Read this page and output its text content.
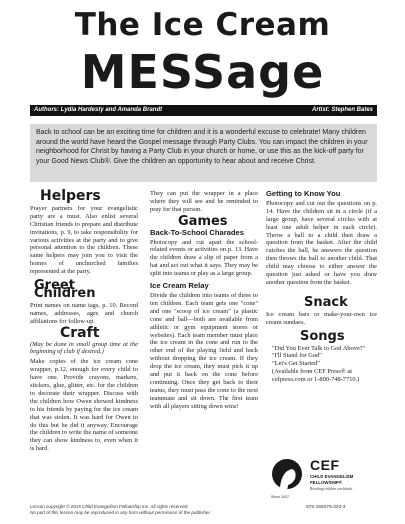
The Ice Cream
MESSage
Authors: Lydia Hardesty and Amanda Brandt	Artist: Stephen Bates

Back to school can be an exciting time for children and it is a wonderful excuse to celebrate! Many children around the world have heard the Gospel message through Party Clubs. You can impact the children in your neighborhood for Christ by having a Party Club in your church or home, or use this as the kick-off party for your Good News Club®. Give the children an opportunity to hear about and receive Christ.

Helpers

Prayer partners for your evangelistic party are a must. Also enlist several Christian friends to prepare and distribute invitations, p. 9, to take responsibility for various activities at the party and to give personal attention to the children. These same helpers may join you to visit the homes of unchurched families represented at the party.

Greet Children

Print names on name tags, p. 10. Record names, addresses, ages and church affiliations for follow-up.

Craft

(May be done in small group time at the beginning of club if desired.)

Make copies of the ice cream cone wrapper, p.12, enough for every child to have one. Provide crayons, markers, stickers, glue, glitter, etc. for the children to decorate their wrapper. Discuss with the children how Owen showed kindness to his friends by paying for the ice cream that was stolen. It was hard for Owen to do this but he did it anyway. Encourage the children to write the name of someone they can show kindness to, even when it is hard.

They can put the wrapper in a place where they will see and be reminded to pray for that person.

Games
Back-To-School Charades

Photocopy and cut apart the school-related events or activities on p. 13. Have the children draw a slip of paper from a hat and act out what it says. They may be split into teams or play as a large group.

Ice Cream Relay

Divide the children into teams of three to ten children. Each team gets one "cone" and one "scoop of ice cream" (a plastic cone and ball—both are available from athletic or gym equipment stores or websites). Each team member must place the ice cream in the cone and run to the other end of the playing field and back without dropping the ice cream. If they drop the ice cream, they must pick it up and put it back on the cone before continuing. Once they get back to their teams, they must pass the cone to the next teammate and sit down. The first team with all players sitting down wins!

Getting to Know You

Photocopy and cut out the questions on p. 14. Have the children sit in a circle (if a large group, have several circles with at least one adult helper in each circle). Throw a ball to a child then draw a question from the basket. After the child catches the ball, he answers the question then throws the ball to another child. That child may choose to either answer the question just asked or have you draw another question from the basket.

Snack

Ice cream bars or make-your-own ice cream sundaes.

Songs
"Did You Ever Talk to God Above?"
"I'll Stand for God"
"Let's Get Started"
(Available from CEF Press® at cefpress.com or 1-800-748-7710.)
Since 1937
CEF
CHILD EVANGELISM
FELLOWSHIP®
Reaching children worldwide
Lesson copyright © 2015 Child Evangelism Fellowship Inc. All rights reserved.
No part of this lesson may be reproduced in any form without permission of the publisher.
978-155076-323-3
